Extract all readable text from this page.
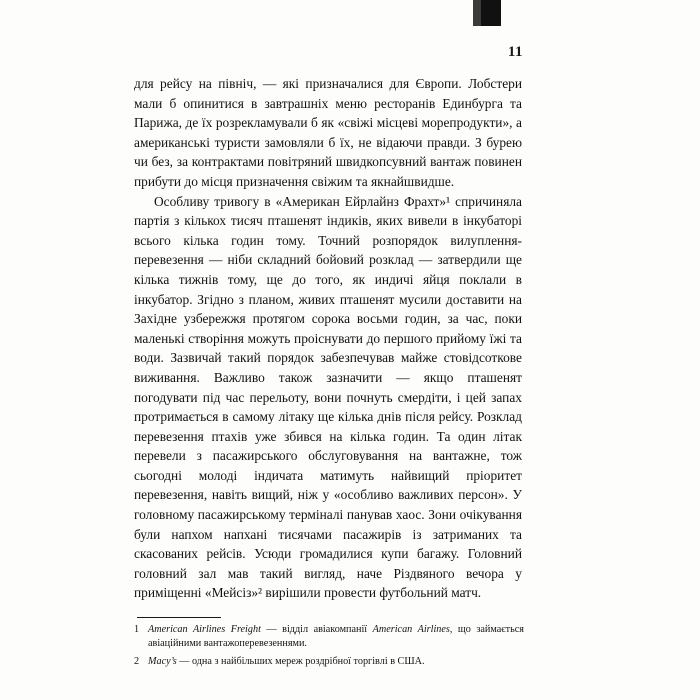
11

для рейсу на північ, — які призначалися для Європи. Лобстери мали б опинитися в завтрашніх меню ресторанів Единбурга та Парижа, де їх розрекламували б як «свіжі місцеві морепродукти», а американські туристи замовляли б їх, не відаючи правди. З бурею чи без, за контрактами повітряний швидкопсувний вантаж повинен прибути до місця призначення свіжим та якнайшвидше.

Особливу тривогу в «Американ Ейрлайнз Фрахт»¹ спричиняла партія з кількох тисяч пташенят індиків, яких вивели в інкубаторі всього кілька годин тому. Точний розпорядок вилуплення-перевезення — ніби складний бойовий розклад — затвердили ще кілька тижнів тому, ще до того, як индичі яйця поклали в інкубатор. Згідно з планом, живих пташенят мусили доставити на Західне узбережжя протягом сорока восьми годин, за час, поки маленькі створіння можуть проіснувати до першого прийому їжі та води. Зазвичай такий порядок забезпечував майже стовідсоткове виживання. Важливо також зазначити — якщо пташенят погодувати під час перельоту, вони почнуть смердіти, і цей запах протримається в самому літаку ще кілька днів після рейсу. Розклад перевезення птахів уже збився на кілька годин. Та один літак перевели з пасажирського обслуговування на вантажне, тож сьогодні молоді індичата матимуть найвищий пріоритет перевезення, навіть вищий, ніж у «особливо важливих персон». У головному пасажирському терміналі панував хаос. Зони очікування були напхом напхані тисячами пасажирів із затриманих та скасованих рейсів. Усюди громадилися купи багажу. Головний головний зал мав такий вигляд, наче Різдвяного вечора у приміщенні «Мейсіз»² вирішили провести футбольний матч.

1 American Airlines Freight — відділ авіакомпанії American Airlines, що займається авіаційними вантажоперевезеннями.
2 Macy’s — одна з найбільших мереж роздрібної торгівлі в США.
